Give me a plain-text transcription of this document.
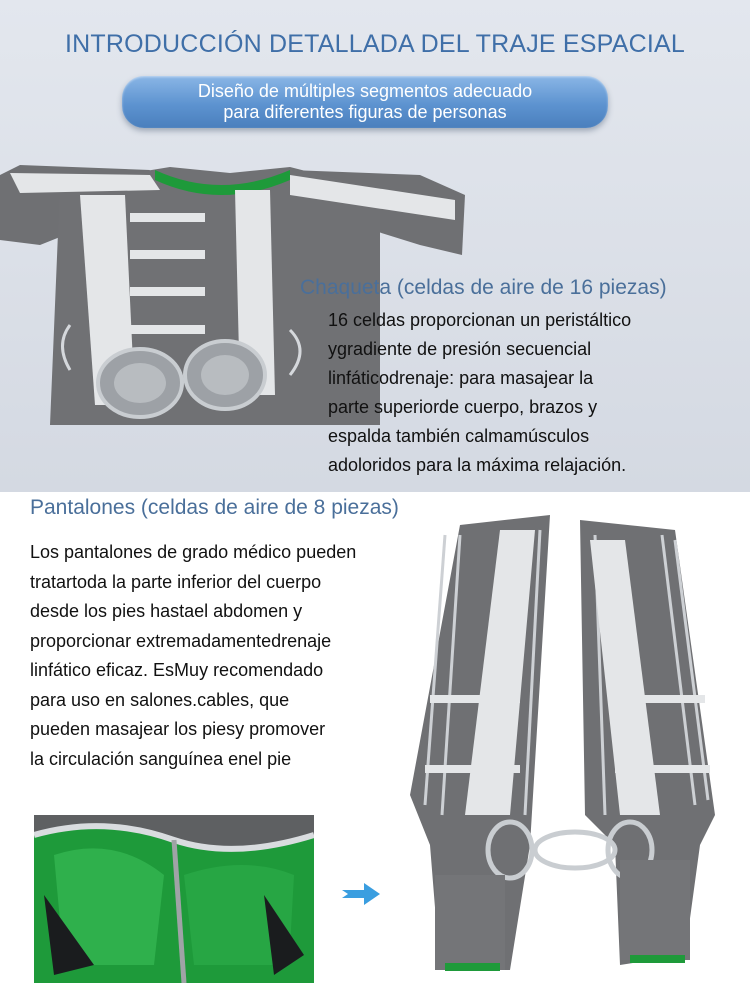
INTRODUCCIÓN DETALLADA DEL TRAJE ESPACIAL
Diseño de múltiples segmentos adecuado
para diferentes figuras de personas
Chaqueta (celdas de aire de 16 piezas)
16 celdas proporcionan un peristáltico
ygradiente de presión secuencial
linfáticodrenaje: para masajear la
parte superiorde cuerpo, brazos y
espalda también calmamúsculos
adoloridos para la máxima relajación.
Pantalones (celdas de aire de 8 piezas)
Los pantalones de grado médico pueden
tratartoda la parte inferior del cuerpo
desde los pies hastael abdomen y
proporcionar extremadamentedrenaje
linfático eficaz. EsMuy recomendado
para uso en salones.cables, que
pueden masajear los piesy promover
la circulación sanguínea enel pie
